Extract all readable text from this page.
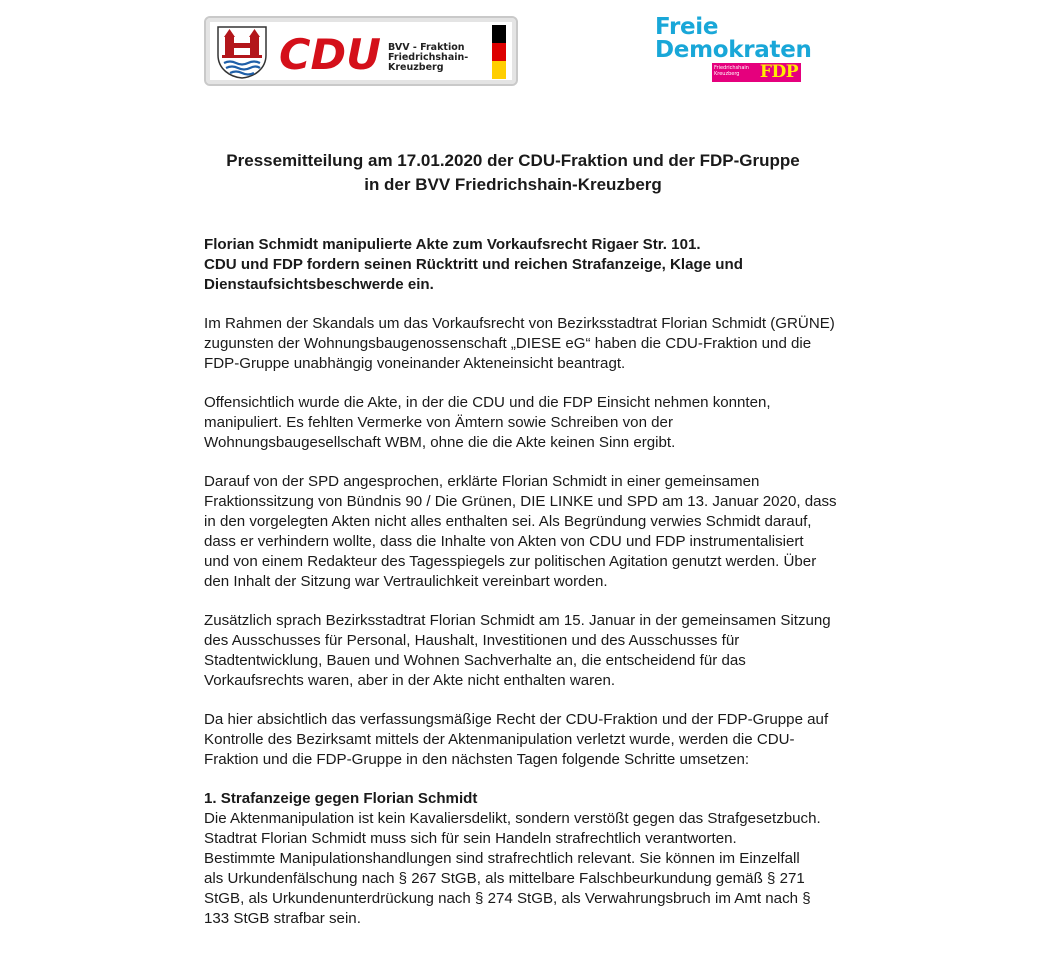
CDU BVV - Fraktion
Friedrichshain-
Kreuzberg
Freie
Demokraten
Friedrichshain Kreuzberg	FDP
Pressemitteilung am 17.01.2020 der CDU-Fraktion und der FDP-Gruppe
in der BVV Friedrichshain-Kreuzberg
Florian Schmidt manipulierte Akte zum Vorkaufsrecht Rigaer Str. 101.
CDU und FDP fordern seinen Rücktritt und reichen Strafanzeige, Klage und
Dienstaufsichtsbeschwerde ein.
Im Rahmen der Skandals um das Vorkaufsrecht von Bezirksstadtrat Florian Schmidt (GRÜNE)
zugunsten der Wohnungsbaugenossenschaft „DIESE eG“ haben die CDU-Fraktion und die
FDP-Gruppe unabhängig voneinander Akteneinsicht beantragt.
Offensichtlich wurde die Akte, in der die CDU und die FDP Einsicht nehmen konnten,
manipuliert. Es fehlten Vermerke von Ämtern sowie Schreiben von der
Wohnungsbaugesellschaft WBM, ohne die die Akte keinen Sinn ergibt.
Darauf von der SPD angesprochen, erklärte Florian Schmidt in einer gemeinsamen
Fraktionssitzung von Bündnis 90 / Die Grünen, DIE LINKE und SPD am 13. Januar 2020, dass
in den vorgelegten Akten nicht alles enthalten sei. Als Begründung verwies Schmidt darauf,
dass er verhindern wollte, dass die Inhalte von Akten von CDU und FDP instrumentalisiert
und von einem Redakteur des Tagesspiegels zur politischen Agitation genutzt werden. Über
den Inhalt der Sitzung war Vertraulichkeit vereinbart worden.
Zusätzlich sprach Bezirksstadtrat Florian Schmidt am 15. Januar in der gemeinsamen Sitzung
des Ausschusses für Personal, Haushalt, Investitionen und des Ausschusses für
Stadtentwicklung, Bauen und Wohnen Sachverhalte an, die entscheidend für das
Vorkaufsrechts waren, aber in der Akte nicht enthalten waren.
Da hier absichtlich das verfassungsmäßige Recht der CDU-Fraktion und der FDP-Gruppe auf
Kontrolle des Bezirksamt mittels der Aktenmanipulation verletzt wurde, werden die CDU-
Fraktion und die FDP-Gruppe in den nächsten Tagen folgende Schritte umsetzen:
1. Strafanzeige gegen Florian Schmidt
Die Aktenmanipulation ist kein Kavaliersdelikt, sondern verstößt gegen das Strafgesetzbuch.
Stadtrat Florian Schmidt muss sich für sein Handeln strafrechtlich verantworten.
Bestimmte Manipulationshandlungen sind strafrechtlich relevant. Sie können im Einzelfall
als Urkundenfälschung nach § 267 StGB, als mittelbare Falschbeurkundung gemäß § 271
StGB, als Urkundenunterdrückung nach § 274 StGB, als Verwahrungsbruch im Amt nach §
133 StGB strafbar sein.
